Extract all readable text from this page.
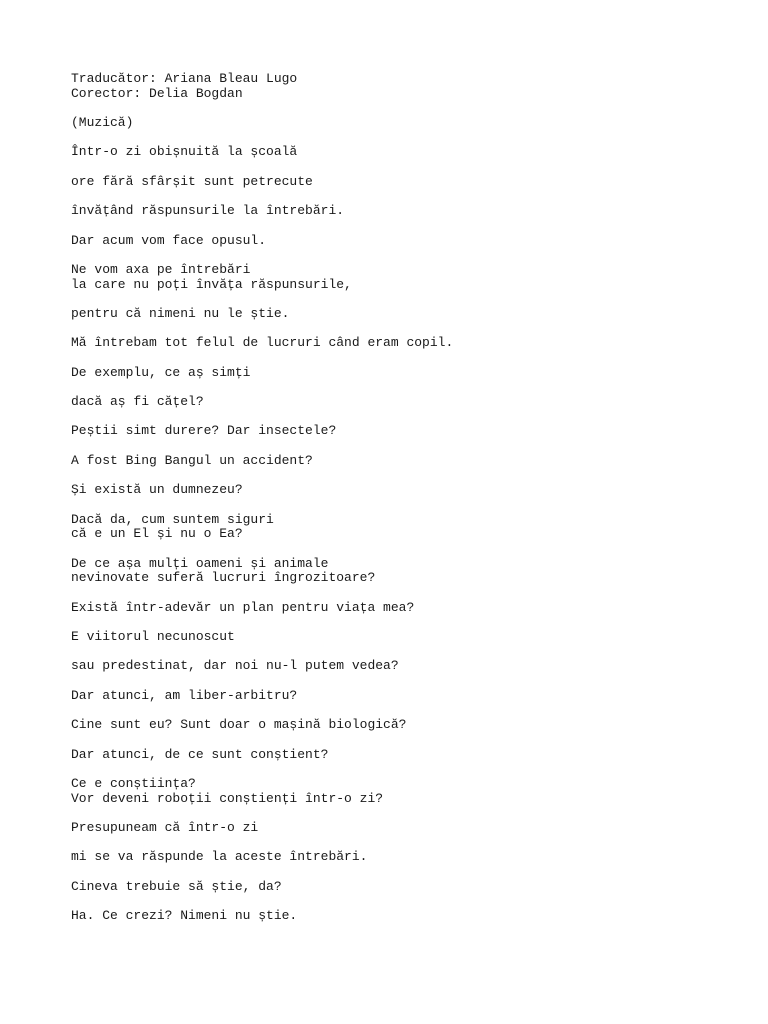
Traducător: Ariana Bleau Lugo
Corector: Delia Bogdan
(Muzică)
Într-o zi obișnuită la școală
ore fără sfârșit sunt petrecute
învățând răspunsurile la întrebări.
Dar acum vom face opusul.
Ne vom axa pe întrebări
la care nu poți învăța răspunsurile,
pentru că nimeni nu le știe.
Mă întrebam tot felul de lucruri când eram copil.
De exemplu, ce aș simți
dacă aș fi cățel?
Peștii simt durere? Dar insectele?
A fost Bing Bangul un accident?
Și există un dumnezeu?
Dacă da, cum suntem siguri
că e un El și nu o Ea?
De ce așa mulți oameni și animale
nevinovate suferă lucruri îngrozitoare?
Există într-adevăr un plan pentru viața mea?
E viitorul necunoscut
sau predestinat, dar noi nu-l putem vedea?
Dar atunci, am liber-arbitru?
Cine sunt eu? Sunt doar o mașină biologică?
Dar atunci, de ce sunt conștient?
Ce e conștiința?
Vor deveni roboții conștienți într-o zi?
Presupuneam că într-o zi
mi se va răspunde la aceste întrebări.
Cineva trebuie să știe, da?
Ha. Ce crezi? Nimeni nu știe.
